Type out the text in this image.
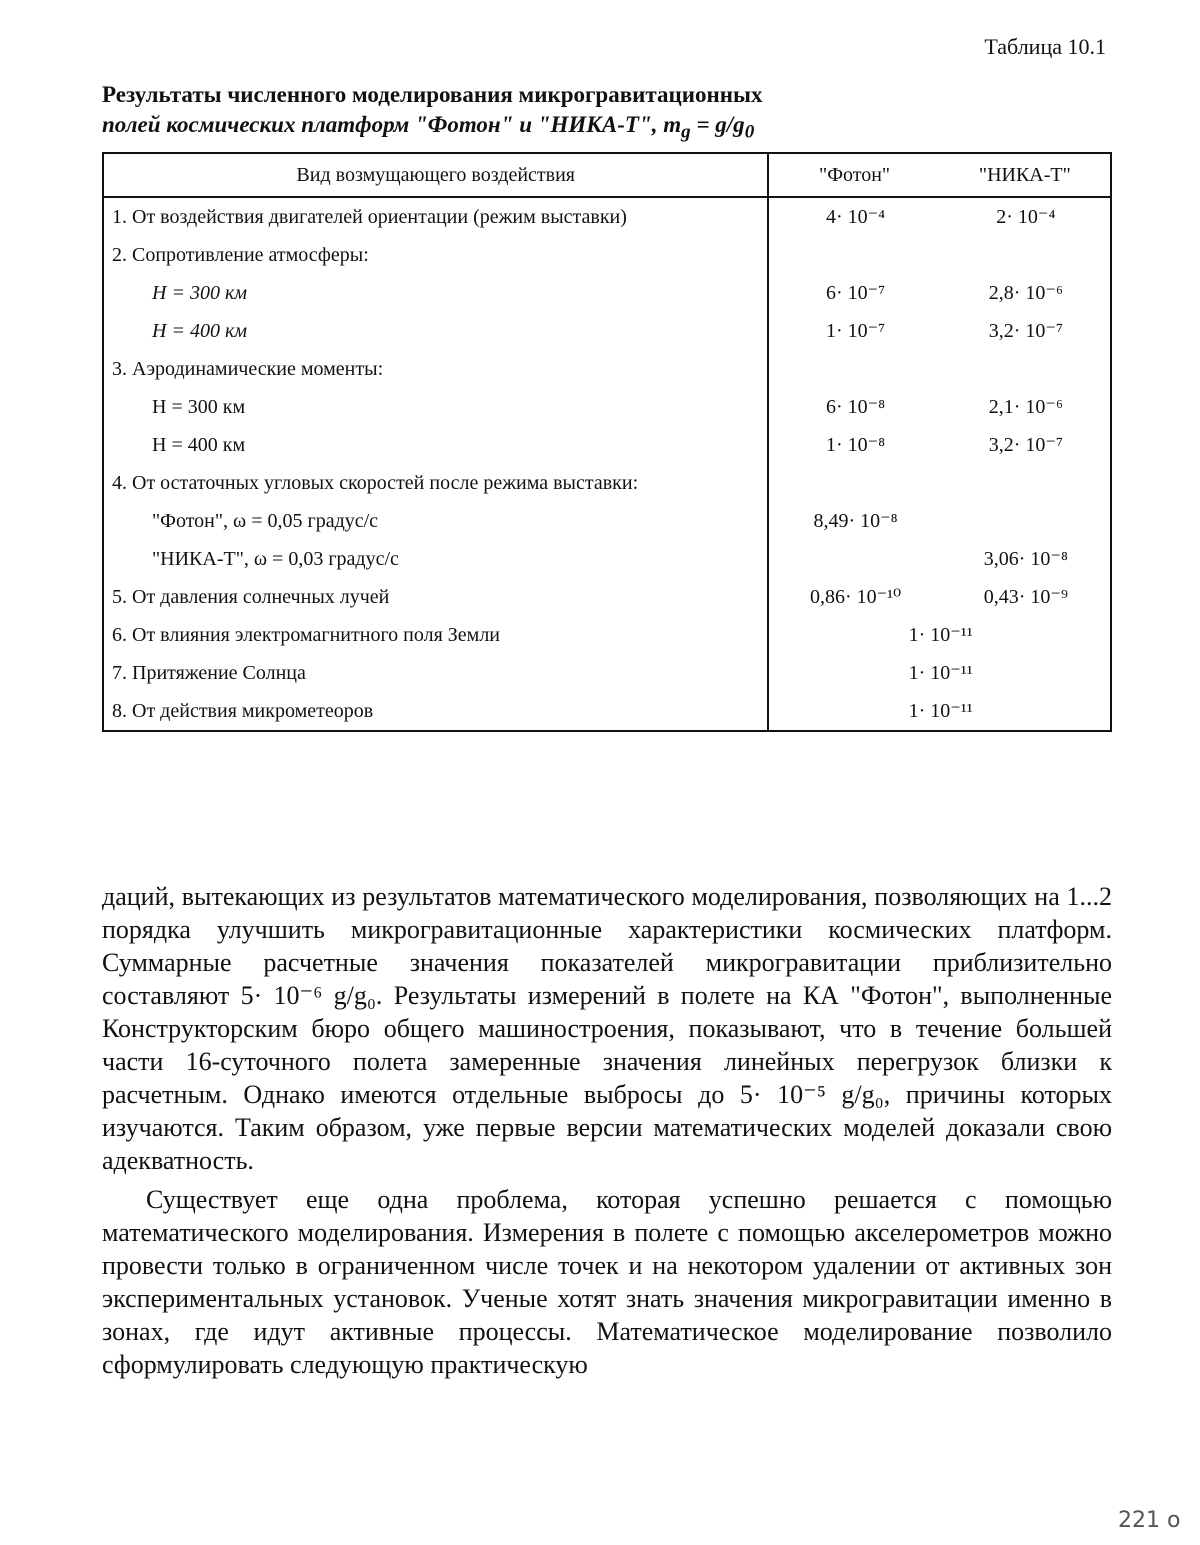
Таблица 10.1
Результаты численного моделирования микрогравитационных
полей космических платформ "Фотон" и "НИКА-Т", $m_g = g/g_0$
Вид возмущающего воздействия	"Фотон"	"НИКА-Т"
1. От воздействия двигателей ориентации (режим выставки)	4· 10⁻⁴	2· 10⁻⁴
2. Сопротивление атмосферы:		
H = 300 км	6· 10⁻⁷	2,8· 10⁻⁶
H = 400 км	1· 10⁻⁷	3,2· 10⁻⁷
3. Аэродинамические моменты:		
H = 300 км	6· 10⁻⁸	2,1· 10⁻⁶
H = 400 км	1· 10⁻⁸	3,2· 10⁻⁷
4. От остаточных угловых скоростей после режима выставки:		
"Фотон", ω = 0,05 градус/с	8,49· 10⁻⁸	
"НИКА-Т", ω = 0,03 градус/с		3,06· 10⁻⁸
5. От давления солнечных лучей	0,86· 10⁻¹⁰	0,43· 10⁻⁹
6. От влияния электромагнитного поля Земли	1· 10⁻¹¹	
7. Притяжение Солнца	1· 10⁻¹¹	
8. От действия микрометеоров	1· 10⁻¹¹	

даций, вытекающих из результатов математического моделирования, позволяющих на 1...2 порядка улучшить микрогравитационные характеристики космических платформ. Суммарные расчетные значения показателей микрогравитации приблизительно составляют 5· 10⁻⁶ g/g₀. Результаты измерений в полете на КА "Фотон", выполненные Конструкторским бюро общего машиностроения, показывают, что в течение большей части 16-суточного полета замеренные значения линейных перегрузок близки к расчетным. Однако имеются отдельные выбросы до 5· 10⁻⁵ g/g₀, причины которых изучаются. Таким образом, уже первые версии математических моделей доказали свою адекватность.

Существует еще одна проблема, которая успешно решается с помощью математического моделирования. Измерения в полете с помощью акселерометров можно провести только в ограниченном числе точек и на некотором удалении от активных зон экспериментальных установок. Ученые хотят знать значения микрогравитации именно в зонах, где идут активные процессы. Математическое моделирование позволило сформулировать следующую практическую

221 o
